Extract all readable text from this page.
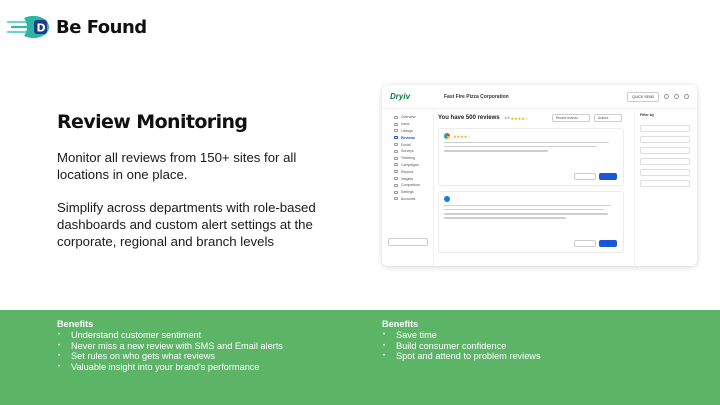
D Be Found
Review Monitoring

Monitor all reviews from 150+ sites for all locations in one place.

Simplify across departments with role-based dashboards and custom alert settings at the corporate, regional and branch levels

Dryiv	Fast Fire Pizza Corporation	QUICK SEND
Overview
Inbox
Listings
Reviews
Social
Surveys
Ticketing
Campaigns
Reports
Insights
Competitors
Settings
Accounts
You have 500 reviews 4.9 ★★★★☆	Recent reviews	Actions
★★★★☆
Filter by
Benefits
• Understand customer sentiment
• Never miss a new review with SMS and Email alerts
• Set rules on who gets what reviews
• Valuable insight into your brand's performance
Benefits
• Save time
• Build consumer confidence
• Spot and attend to problem reviews
